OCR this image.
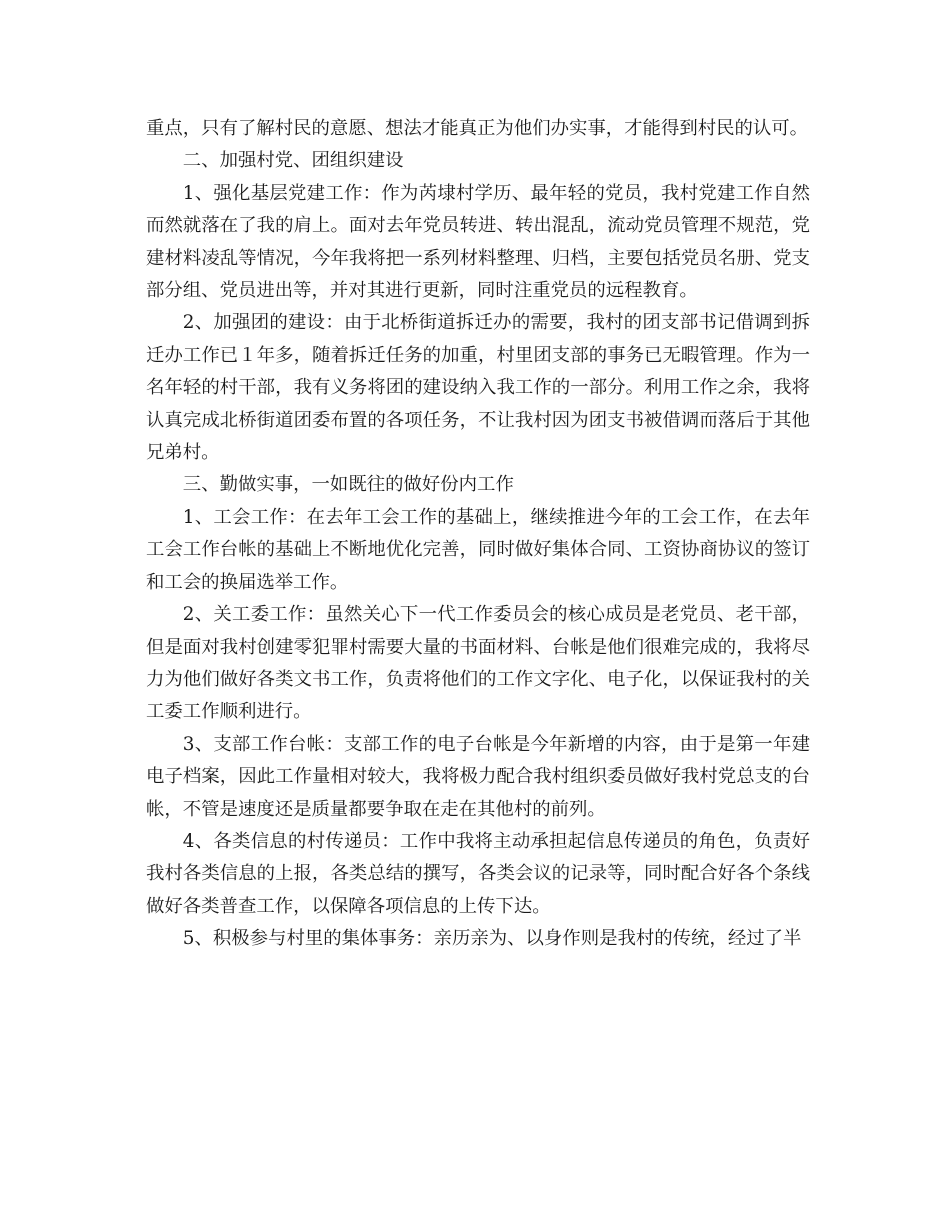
重点，只有了解村民的意愿、想法才能真正为他们办实事，才能得到村民的认可。

二、加强村党、团组织建设

1、强化基层党建工作：作为芮埭村学历、最年轻的党员，我村党建工作自然而然就落在了我的肩上。面对去年党员转进、转出混乱，流动党员管理不规范，党建材料凌乱等情况，今年我将把一系列材料整理、归档，主要包括党员名册、党支部分组、党员进出等，并对其进行更新，同时注重党员的远程教育。

2、加强团的建设：由于北桥街道拆迁办的需要，我村的团支部书记借调到拆迁办工作已１年多，随着拆迁任务的加重，村里团支部的事务已无暇管理。作为一名年轻的村干部，我有义务将团的建设纳入我工作的一部分。利用工作之余，我将认真完成北桥街道团委布置的各项任务，不让我村因为团支书被借调而落后于其他兄弟村。

三、勤做实事，一如既往的做好份内工作

1、工会工作：在去年工会工作的基础上，继续推进今年的工会工作，在去年工会工作台帐的基础上不断地优化完善，同时做好集体合同、工资协商协议的签订和工会的换届选举工作。

2、关工委工作：虽然关心下一代工作委员会的核心成员是老党员、老干部，但是面对我村创建零犯罪村需要大量的书面材料、台帐是他们很难完成的，我将尽力为他们做好各类文书工作，负责将他们的工作文字化、电子化，以保证我村的关工委工作顺利进行。

3、支部工作台帐：支部工作的电子台帐是今年新增的内容，由于是第一年建电子档案，因此工作量相对较大，我将极力配合我村组织委员做好我村党总支的台帐，不管是速度还是质量都要争取在走在其他村的前列。

4、各类信息的村传递员：工作中我将主动承担起信息传递员的角色，负责好我村各类信息的上报，各类总结的撰写，各类会议的记录等，同时配合好各个条线做好各类普查工作，以保障各项信息的上传下达。

5、积极参与村里的集体事务：亲历亲为、以身作则是我村的传统，经过了半
